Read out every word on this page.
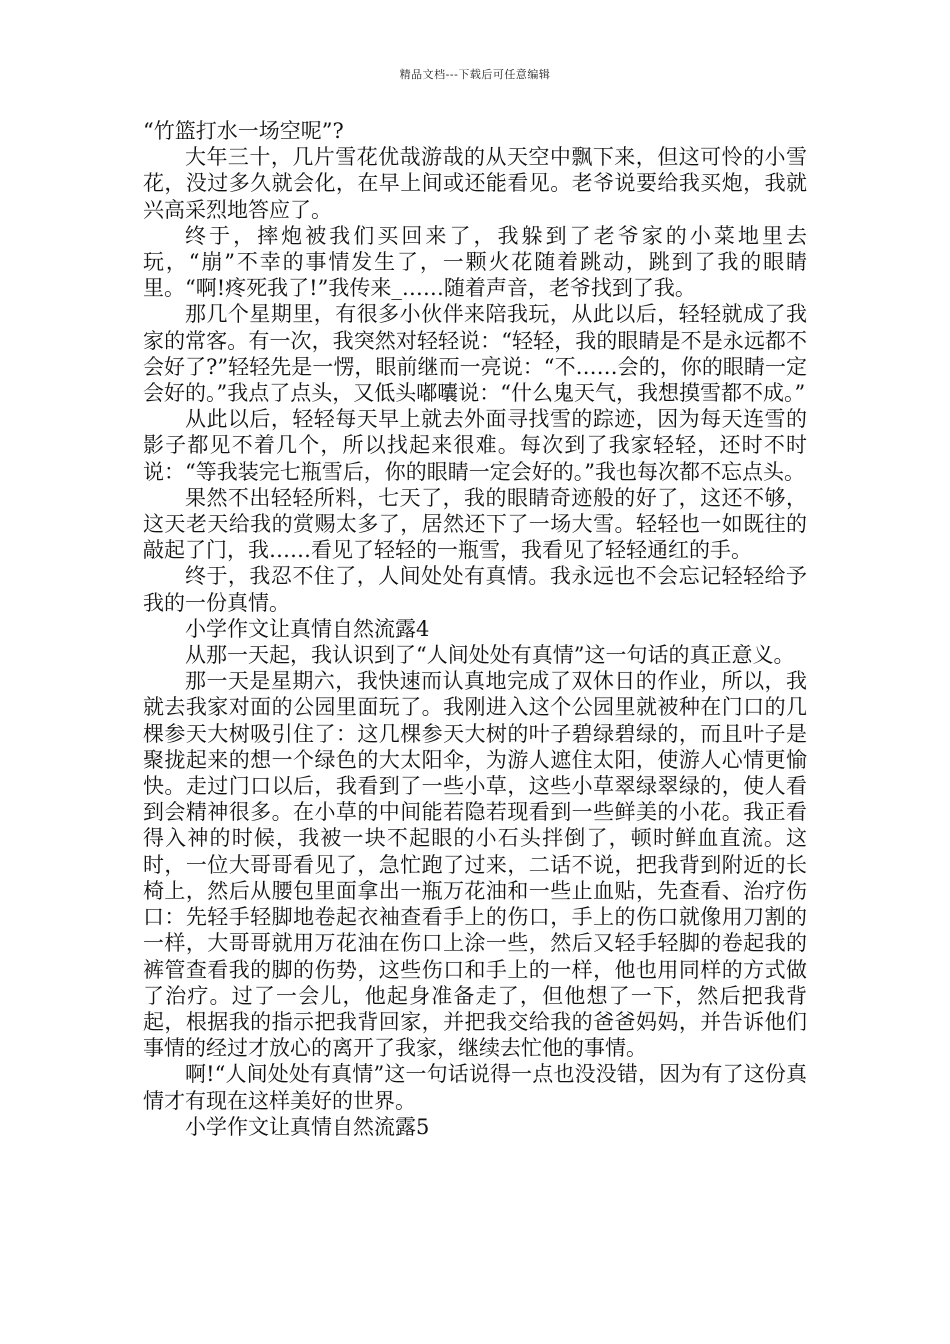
精品文档---下载后可任意编辑

“竹篮打水一场空呢”?

大年三十，几片雪花优哉游哉的从天空中飘下来，但这可怜的小雪花，没过多久就会化，在早上间或还能看见。老爷说要给我买炮，我就兴高采烈地答应了。

终于，摔炮被我们买回来了，我躲到了老爷家的小菜地里去玩，“崩”不幸的事情发生了，一颗火花随着跳动，跳到了我的眼睛里。“啊!疼死我了!”我传来_……随着声音，老爷找到了我。

那几个星期里，有很多小伙伴来陪我玩，从此以后，轻轻就成了我家的常客。有一次，我突然对轻轻说：“轻轻，我的眼睛是不是永远都不会好了?”轻轻先是一愣，眼前继而一亮说：“不……会的，你的眼睛一定会好的。”我点了点头，又低头嘟囔说：“什么鬼天气，我想摸雪都不成。”

从此以后，轻轻每天早上就去外面寻找雪的踪迹，因为每天连雪的影子都见不着几个，所以找起来很难。每次到了我家轻轻，还时不时说：“等我装完七瓶雪后，你的眼睛一定会好的。”我也每次都不忘点头。

果然不出轻轻所料，七天了，我的眼睛奇迹般的好了，这还不够，这天老天给我的赏赐太多了，居然还下了一场大雪。轻轻也一如既往的敲起了门，我……看见了轻轻的一瓶雪，我看见了轻轻通红的手。

终于，我忍不住了，人间处处有真情。我永远也不会忘记轻轻给予我的一份真情。

小学作文让真情自然流露4

从那一天起，我认识到了“人间处处有真情”这一句话的真正意义。

那一天是星期六，我快速而认真地完成了双休日的作业，所以，我就去我家对面的公园里面玩了。我刚进入这个公园里就被种在门口的几棵参天大树吸引住了：这几棵参天大树的叶子碧绿碧绿的，而且叶子是聚拢起来的想一个绿色的大太阳伞，为游人遮住太阳，使游人心情更愉快。走过门口以后，我看到了一些小草，这些小草翠绿翠绿的，使人看到会精神很多。在小草的中间能若隐若现看到一些鲜美的小花。我正看得入神的时候，我被一块不起眼的小石头拌倒了，顿时鲜血直流。这时，一位大哥哥看见了，急忙跑了过来，二话不说，把我背到附近的长椅上，然后从腰包里面拿出一瓶万花油和一些止血贴，先查看、治疗伤口：先轻手轻脚地卷起衣袖查看手上的伤口，手上的伤口就像用刀割的一样，大哥哥就用万花油在伤口上涂一些，然后又轻手轻脚的卷起我的裤管查看我的脚的伤势，这些伤口和手上的一样，他也用同样的方式做了治疗。过了一会儿，他起身准备走了，但他想了一下，然后把我背起，根据我的指示把我背回家，并把我交给我的爸爸妈妈，并告诉他们事情的经过才放心的离开了我家，继续去忙他的事情。

啊!“人间处处有真情”这一句话说得一点也没没错，因为有了这份真情才有现在这样美好的世界。

小学作文让真情自然流露5
